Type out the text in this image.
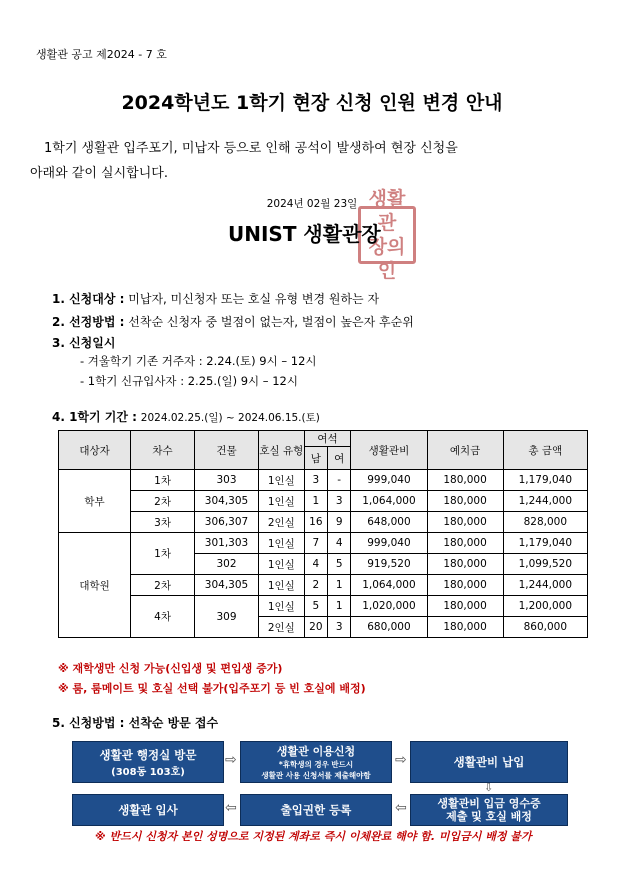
생활관 공고 제2024 - 7 호
2024학년도 1학기 현장 신청 인원 변경 안내
1학기 생활관 입주포기, 미납자 등으로 인해 공석이 발생하여 현장 신청을
아래와 같이 실시합니다.
2024년 02월 23일 생활관
장의인
UNIST 생활관장
1. 신청대상 : 미납자, 미신청자 또는 호실 유형 변경 원하는 자
2. 선정방법 : 선착순 신청자 중 벌점이 없는자, 벌점이 높은자 후순위
3. 신청일시
- 겨울학기 기존 거주자 : 2.24.(토) 9시 – 12시
- 1학기 신규입사자 : 2.25.(일) 9시 – 12시
4. 1학기 기간 : 2024.02.25.(일) ~ 2024.06.15.(토)
대상자	차수	건물	호실 유형	여석		생활관비	예치금	총 금액
				남	여			
학부	1차	303	1인실	3	-	999,040	180,000	1,179,040
	2차	304,305	1인실	1	3	1,064,000	180,000	1,244,000
	3차	306,307	2인실	16	9	648,000	180,000	828,000
대학원	1차	301,303	1인실	7	4	999,040	180,000	1,179,040
		302	1인실	4	5	919,520	180,000	1,099,520
	2차	304,305	1인실	2	1	1,064,000	180,000	1,244,000
	4차	309	1인실	5	1	1,020,000	180,000	1,200,000
			2인실	20	3	680,000	180,000	860,000
※ 재학생만 신청 가능(신입생 및 편입생 증가)
※ 룸, 룸메이트 및 호실 선택 불가(입주포기 등 빈 호실에 배정)
5. 신청방법 : 선착순 방문 접수
생활관 행정실 방문
(308동 103호)
⇨
생활관 이용신청
*휴학생의 경우 반드시
생활관 사용 신청서를 제출해야함
⇨	생활관비 납입
⇩
생활관비 입금 영수증
제출 및 호실 배정
⇦
출입권한 등록
⇦
생활관 입사
※ 반드시 신청자 본인 성명으로 지정된 계좌로 즉시 이체완료 해야 함. 미입금시 배정 불가
